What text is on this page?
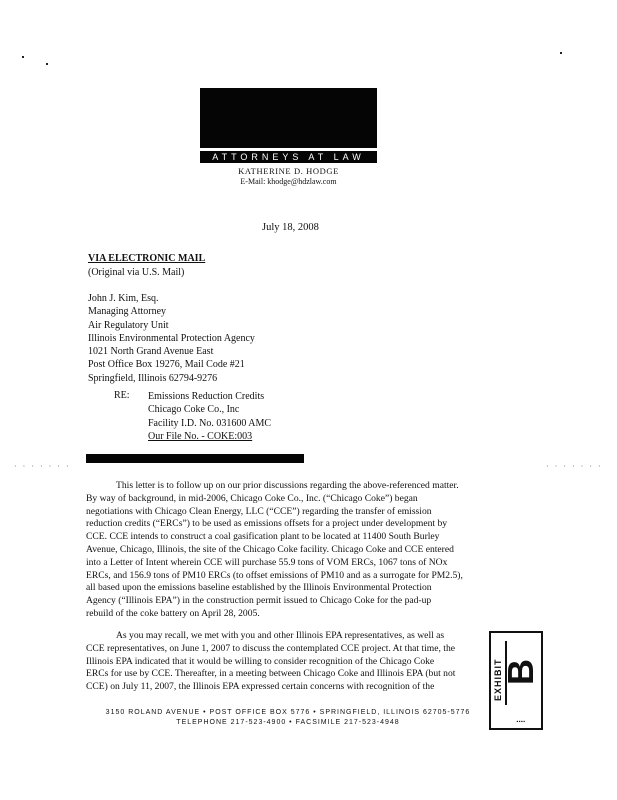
ATTORNEYS AT LAW
KATHERINE D. HODGE
E-Mail: khodge@hdzlaw.com
July 18, 2008
VIA ELECTRONIC MAIL
(Original via U.S. Mail)
John J. Kim, Esq.
Managing Attorney
Air Regulatory Unit
Illinois Environmental Protection Agency
1021 North Grand Avenue East
Post Office Box 19276, Mail Code #21
Springfield, Illinois 62794-9276
RE: Emissions Reduction Credits
Chicago Coke Co., Inc
Facility I.D. No. 031600 AMC
Our File No. - COKE:003
· · · · · · ·	· · · · · · ·
This letter is to follow up on our prior discussions regarding the above-referenced matter.
By way of background, in mid-2006, Chicago Coke Co., Inc. (“Chicago Coke”) began
negotiations with Chicago Clean Energy, LLC (“CCE”) regarding the transfer of emission
reduction credits (“ERCs”) to be used as emissions offsets for a project under development by
CCE. CCE intends to construct a coal gasification plant to be located at 11400 South Burley
Avenue, Chicago, Illinois, the site of the Chicago Coke facility. Chicago Coke and CCE entered
into a Letter of Intent wherein CCE will purchase 55.9 tons of VOM ERCs, 1067 tons of NOx
ERCs, and 156.9 tons of PM10 ERCs (to offset emissions of PM10 and as a surrogate for PM2.5),
all based upon the emissions baseline established by the Illinois Environmental Protection
Agency (“Illinois EPA”) in the construction permit issued to Chicago Coke for the pad-up
rebuild of the coke battery on April 28, 2005.
As you may recall, we met with you and other Illinois EPA representatives, as well as
CCE representatives, on June 1, 2007 to discuss the contemplated CCE project. At that time, the
Illinois EPA indicated that it would be willing to consider recognition of the Chicago Coke
ERCs for use by CCE. Thereafter, in a meeting between Chicago Coke and Illinois EPA (but not
CCE) on July 11, 2007, the Illinois EPA expressed certain concerns with recognition of the	EXHIBIT
B
▪▪▪▪
3150 ROLAND AVENUE • POST OFFICE BOX 5776 • SPRINGFIELD, ILLINOIS 62705-5776
TELEPHONE 217-523-4900 • FACSIMILE 217-523-4948
